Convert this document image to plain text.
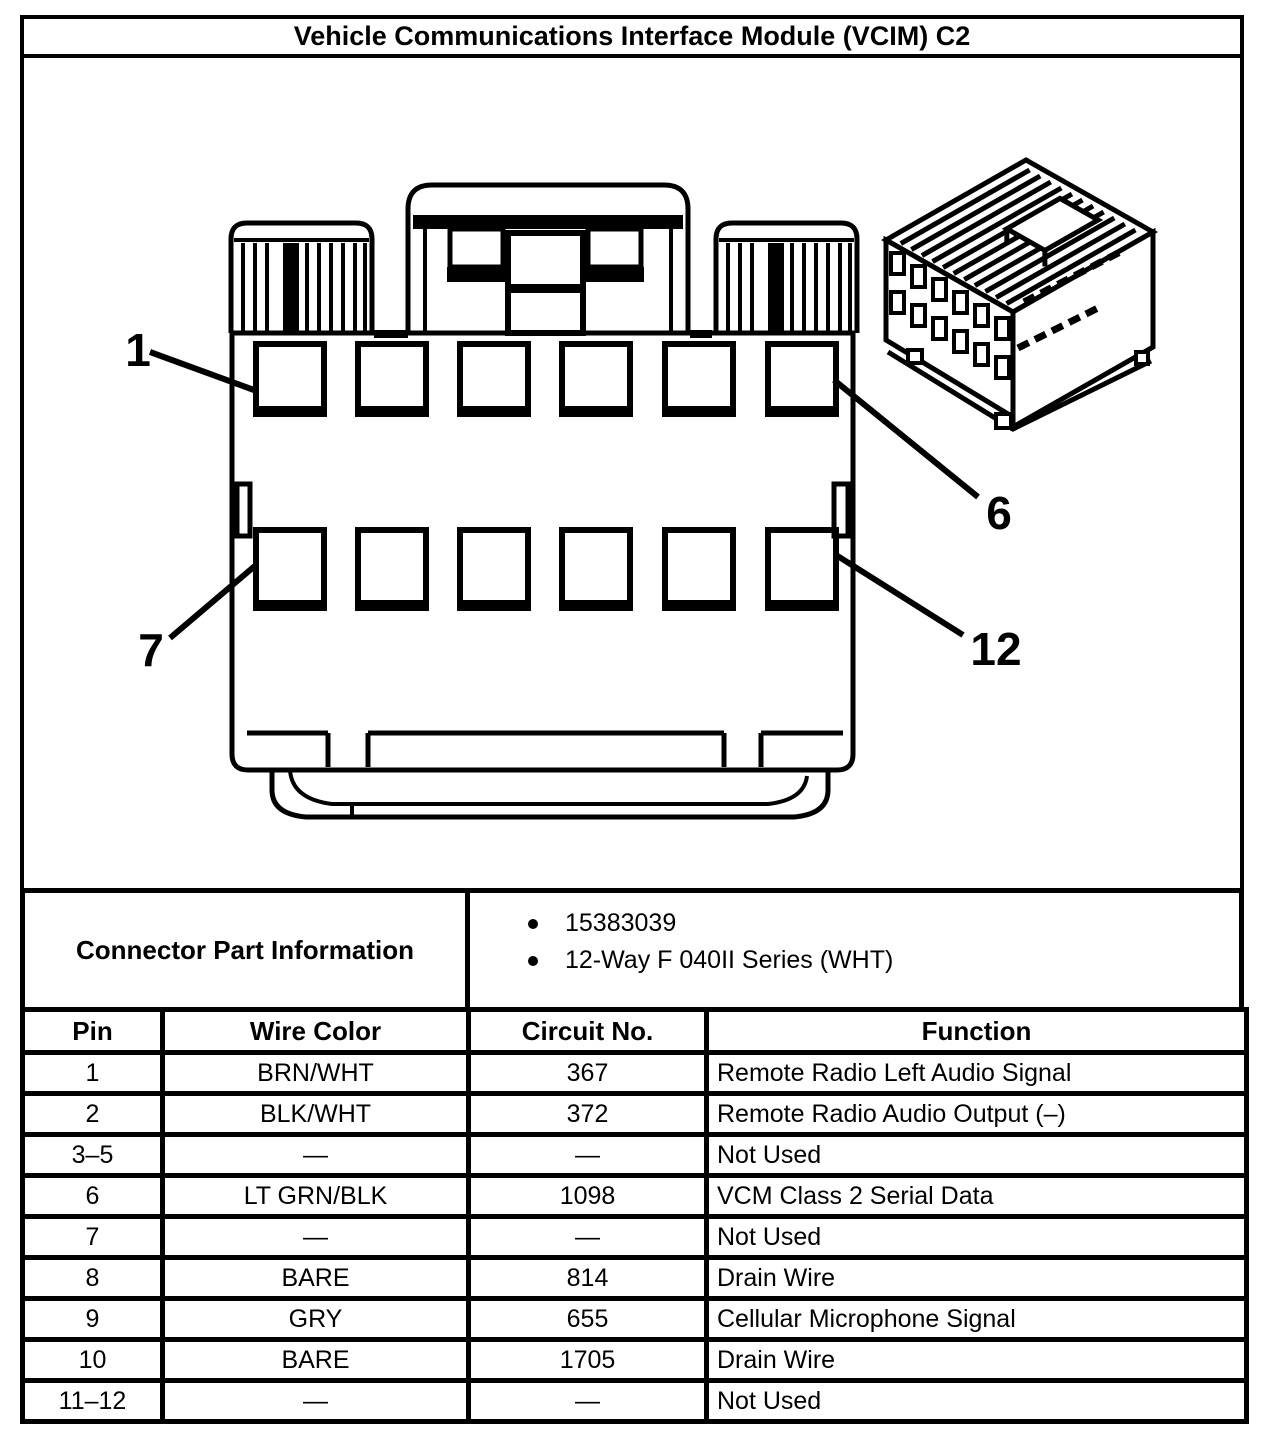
Vehicle Communications Interface Module (VCIM) C2
1
6
7	12
Connector Part Information
15383039
12-Way F 040II Series (WHT)
Pin	Wire Color	Circuit No.	Function
1	BRN/WHT	367	Remote Radio Left Audio Signal
2	BLK/WHT	372	Remote Radio Audio Output (–)
3–5	—	—	Not Used
6	LT GRN/BLK	1098	VCM Class 2 Serial Data
7	—	—	Not Used
8	BARE	814	Drain Wire
9	GRY	655	Cellular Microphone Signal
10	BARE	1705	Drain Wire
11–12	—	—	Not Used
